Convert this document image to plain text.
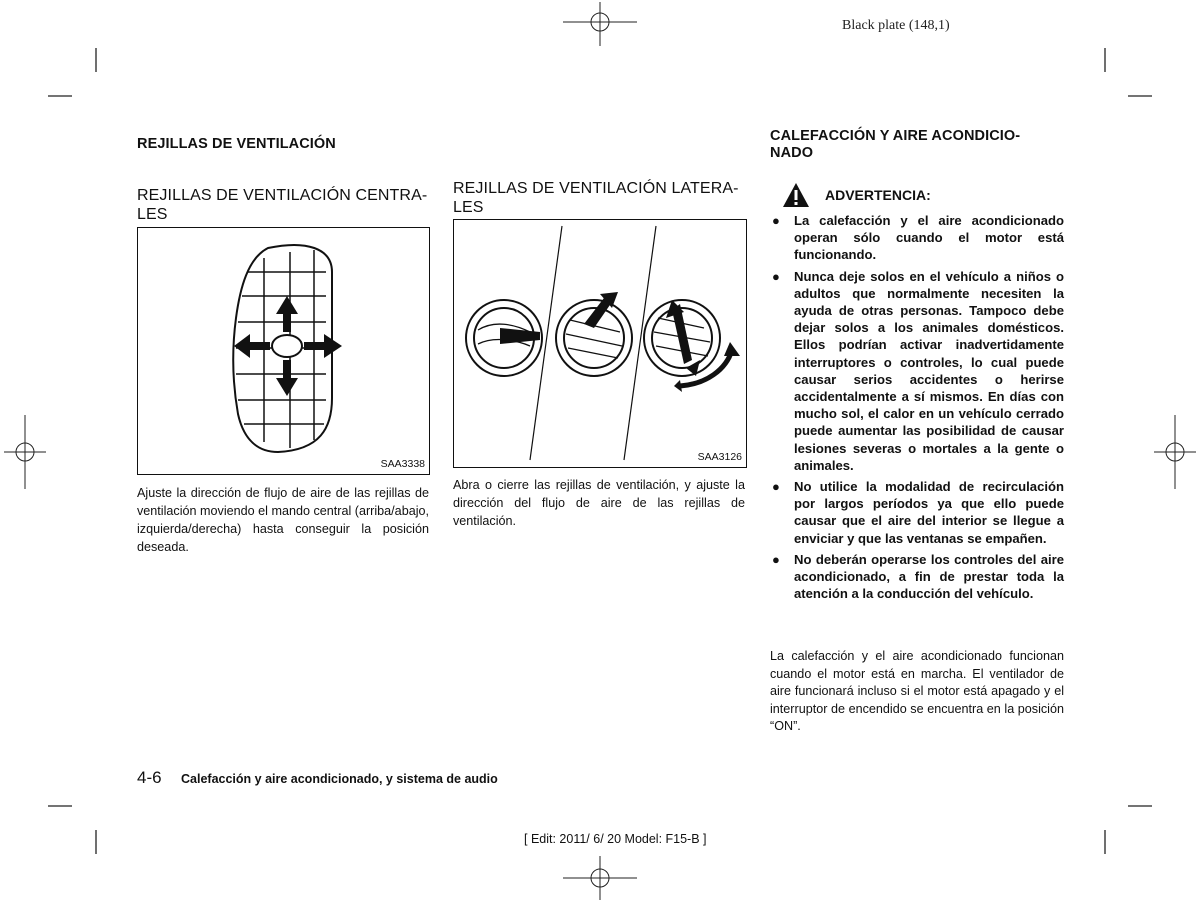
Black plate (148,1)
REJILLAS DE VENTILACIÓN
REJILLAS DE VENTILACIÓN CENTRA-
LES
SAA3338
Ajuste la dirección de flujo de aire de las rejillas de ventilación moviendo el mando central (arriba/abajo, izquierda/derecha) hasta conseguir la posición deseada.
REJILLAS DE VENTILACIÓN LATERA-
LES
SAA3126
Abra o cierre las rejillas de ventilación, y ajuste la dirección del flujo de aire de las rejillas de ventilación.
CALEFACCIÓN Y AIRE ACONDICIO-
NADO
ADVERTENCIA:
● La calefacción y el aire acondicionado operan sólo cuando el motor está funcionando.
● Nunca deje solos en el vehículo a niños o adultos que normalmente necesiten la ayuda de otras personas. Tampoco debe dejar solos a los animales domésticos. Ellos podrían activar inadvertidamente interruptores o controles, lo cual puede causar serios accidentes o herirse accidentalmente a sí mismos. En días con mucho sol, el calor en un vehículo cerrado puede aumentar las posibilidad de causar lesiones severas o mortales a la gente o animales.
● No utilice la modalidad de recirculación por largos períodos ya que ello puede causar que el aire del interior se llegue a enviciar y que las ventanas se empañen.
● No deberán operarse los controles del aire acondicionado, a fin de prestar toda la atención a la conducción del vehículo.
La calefacción y el aire acondicionado funcionan cuando el motor está en marcha. El ventilador de aire funcionará incluso si el motor está apagado y el interruptor de encendido se encuentra en la posición “ON”.
4-6 Calefacción y aire acondicionado, y sistema de audio
[ Edit: 2011/ 6/ 20 Model: F15-B ]
